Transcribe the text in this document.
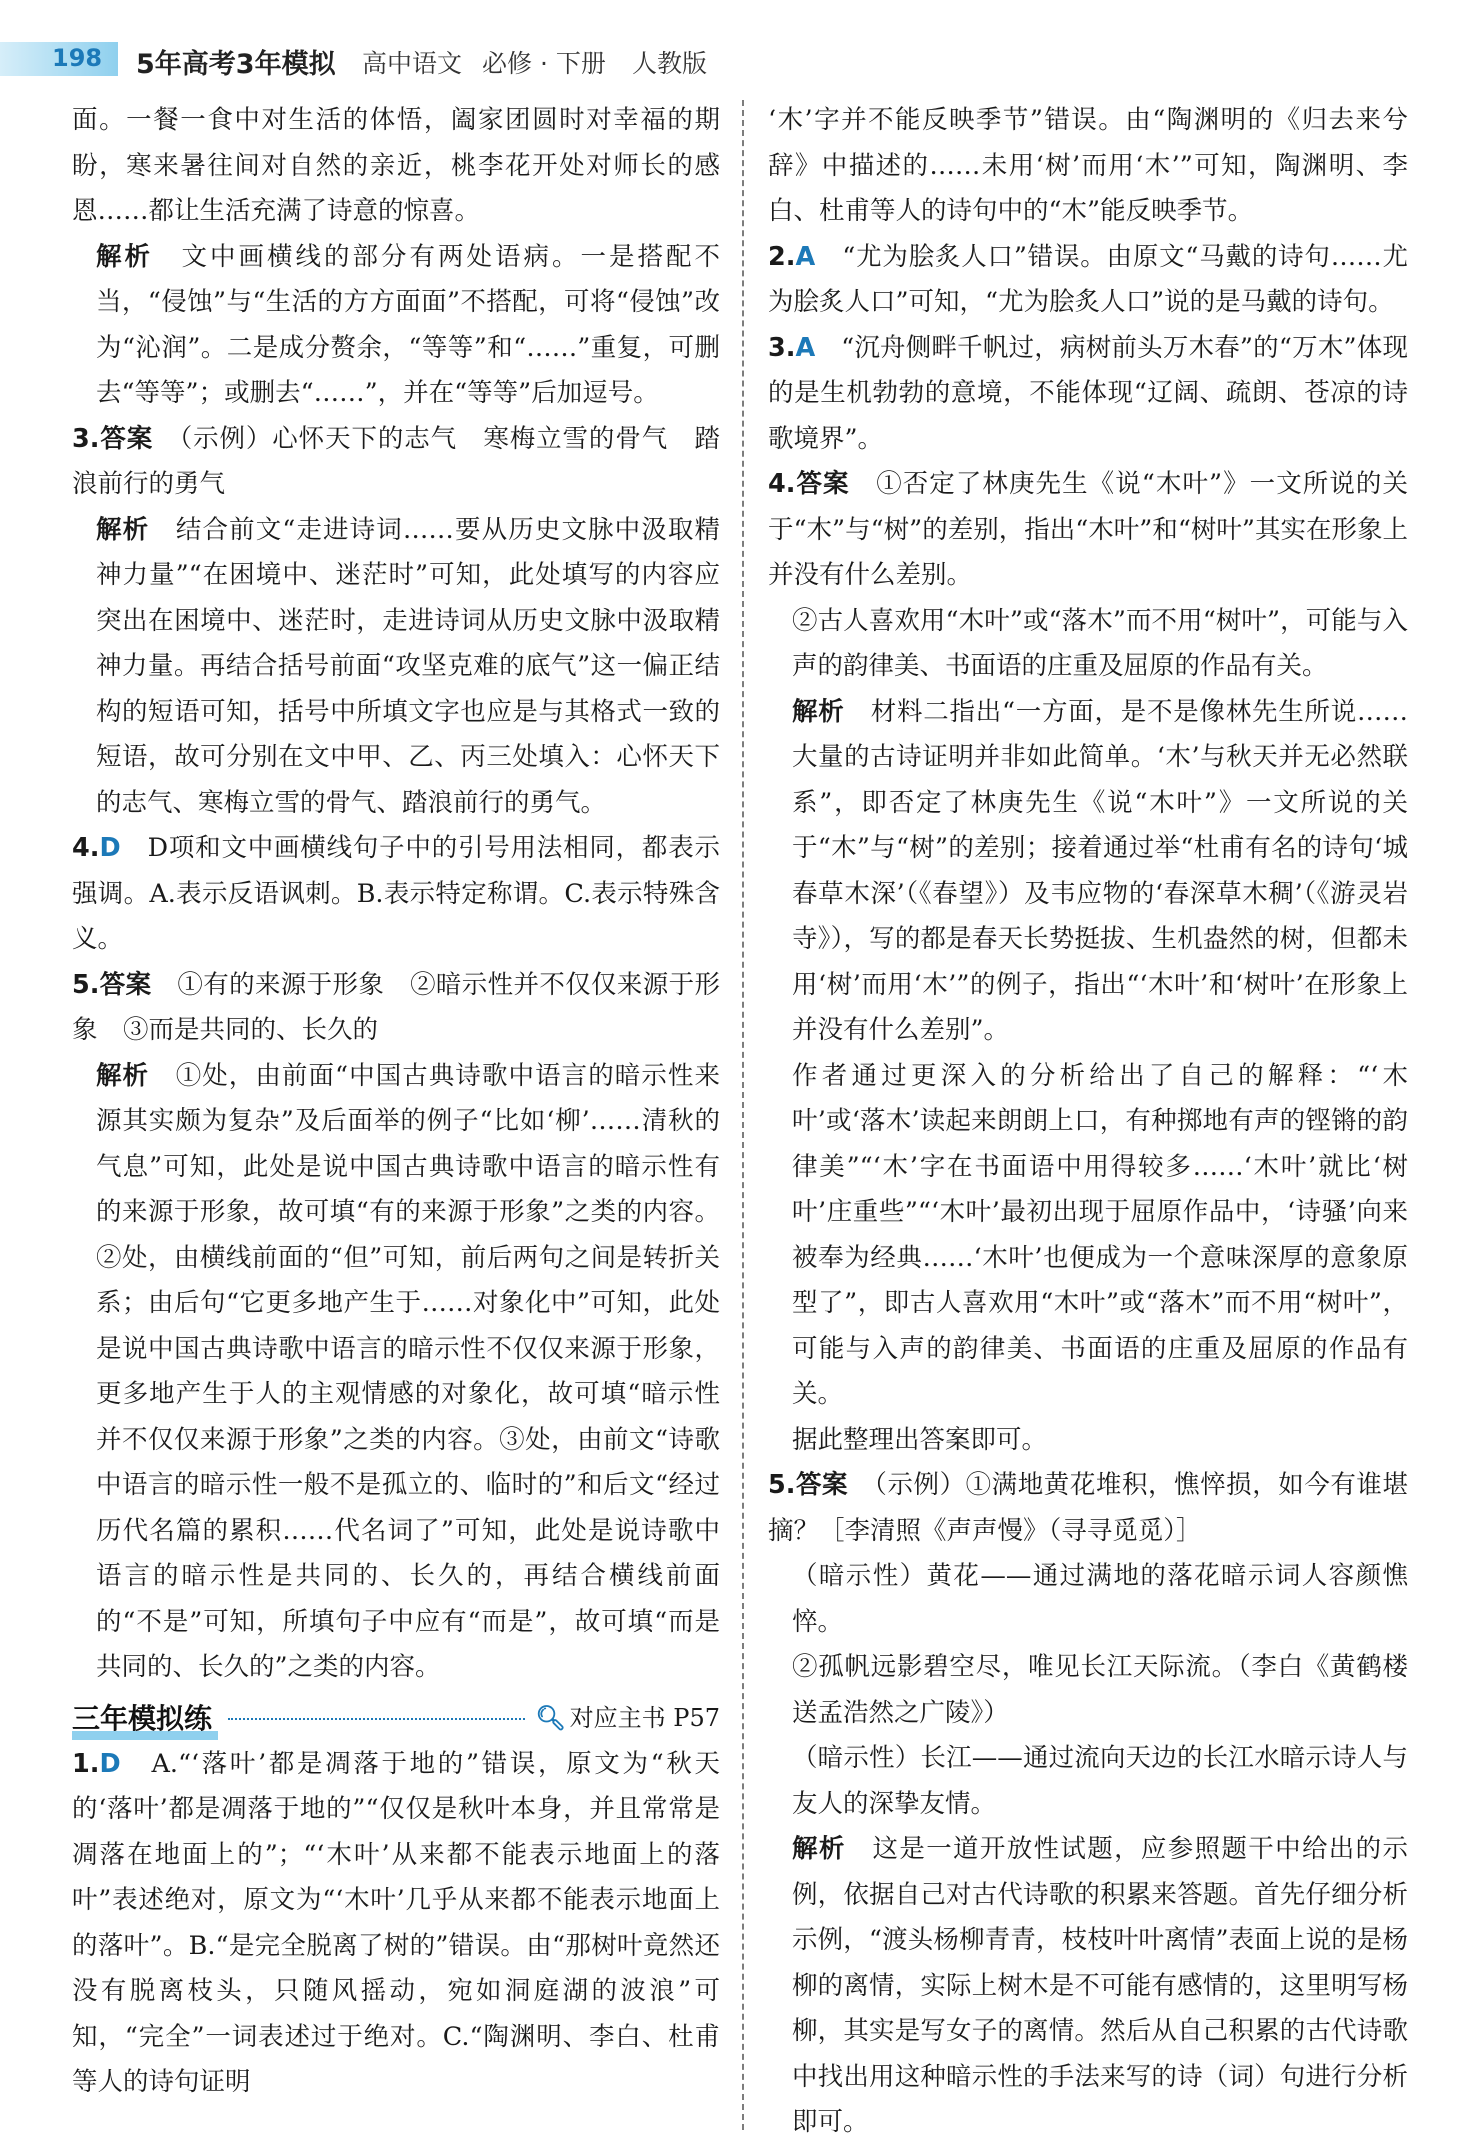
198 5年高考3年模拟 高中语文 必修 · 下册 人教版

面。一餐一食中对生活的体悟，阖家团圆时对幸福的期盼，寒来暑往间对自然的亲近，桃李花开处对师长的感恩……都让生活充满了诗意的惊喜。

解析　 文中画横线的部分有两处语病。一是搭配不当，“侵蚀”与“生活的方方面面”不搭配，可将“侵蚀”改为“沁润”。二是成分赘余，“等等”和“……”重复，可删去“等等”；或删去“……”，并在“等等”后加逗号。

3.答案　 （示例）心怀天下的志气　寒梅立雪的骨气　踏浪前行的勇气

解析　 结合前文“走进诗词……要从历史文脉中汲取精神力量”“在困境中、迷茫时”可知，此处填写的内容应突出在困境中、迷茫时，走进诗词从历史文脉中汲取精神力量。再结合括号前面“攻坚克难的底气”这一偏正结构的短语可知，括号中所填文字也应是与其格式一致的短语，故可分别在文中甲、乙、丙三处填入：心怀天下的志气、寒梅立雪的骨气、踏浪前行的勇气。

4.D　 D项和文中画横线句子中的引号用法相同，都表示强调。A.表示反语讽刺。B.表示特定称谓。C.表示特殊含义。

5.答案　 ①有的来源于形象　②暗示性并不仅仅来源于形象　③而是共同的、长久的

解析　 ①处，由前面“中国古典诗歌中语言的暗示性来源其实颇为复杂”及后面举的例子“比如‘柳’……清秋的气息”可知，此处是说中国古典诗歌中语言的暗示性有的来源于形象，故可填“有的来源于形象”之类的内容。②处，由横线前面的“但”可知，前后两句之间是转折关系；由后句“它更多地产生于……对象化中”可知，此处是说中国古典诗歌中语言的暗示性不仅仅来源于形象，更多地产生于人的主观情感的对象化，故可填“暗示性并不仅仅来源于形象”之类的内容。③处，由前文“诗歌中语言的暗示性一般不是孤立的、临时的”和后文“经过历代名篇的累积……代名词了”可知，此处是说诗歌中语言的暗示性是共同的、长久的，再结合横线前面的“不是”可知，所填句子中应有“而是”，故可填“而是共同的、长久的”之类的内容。

三年模拟练	🔍︎ 对应主书 P57

1.D　 A.“‘落叶’都是凋落于地的”错误，原文为“秋天的‘落叶’都是凋落于地的”“仅仅是秋叶本身，并且常常是凋落在地面上的”；“‘木叶’从来都不能表示地面上的落叶”表述绝对，原文为“‘木叶’几乎从来都不能表示地面上的落叶”。B.“是完全脱离了树的”错误。由“那树叶竟然还没有脱离枝头，只随风摇动，宛如洞庭湖的波浪”可知，“完全”一词表述过于绝对。C.“陶渊明、李白、杜甫等人的诗句证明

‘木’字并不能反映季节”错误。由“陶渊明的《归去来兮辞》中描述的……未用‘树’而用‘木’”可知，陶渊明、李白、杜甫等人的诗句中的“木”能反映季节。

2.A　 “尤为脍炙人口”错误。由原文“马戴的诗句……尤为脍炙人口”可知，“尤为脍炙人口”说的是马戴的诗句。

3.A　 “沉舟侧畔千帆过，病树前头万木春”的“万木”体现的是生机勃勃的意境，不能体现“辽阔、疏朗、苍凉的诗歌境界”。

4.答案　 ①否定了林庚先生《说“木叶”》一文所说的关于“木”与“树”的差别，指出“木叶”和“树叶”其实在形象上并没有什么差别。

②古人喜欢用“木叶”或“落木”而不用“树叶”，可能与入声的韵律美、书面语的庄重及屈原的作品有关。

解析　 材料二指出“一方面，是不是像林先生所说……大量的古诗证明并非如此简单。‘木’与秋天并无必然联系”，即否定了林庚先生《说“木叶”》一文所说的关于“木”与“树”的差别；接着通过举“杜甫有名的诗句‘城春草木深’（《春望》）及韦应物的‘春深草木稠’（《游灵岩寺》），写的都是春天长势挺拔、生机盎然的树，但都未用‘树’而用‘木’”的例子，指出“‘木叶’和‘树叶’在形象上并没有什么差别”。

作者通过更深入的分析给出了自己的解释：“‘木叶’或‘落木’读起来朗朗上口，有种掷地有声的铿锵的韵律美”“‘木’字在书面语中用得较多……‘木叶’就比‘树叶’庄重些”“‘木叶’最初出现于屈原作品中，‘诗骚’向来被奉为经典……‘木叶’也便成为一个意味深厚的意象原型了”，即古人喜欢用“木叶”或“落木”而不用“树叶”，可能与入声的韵律美、书面语的庄重及屈原的作品有关。

据此整理出答案即可。

5.答案　 （示例）①满地黄花堆积，憔悴损，如今有谁堪摘？［李清照《声声慢》（寻寻觅觅）］

（暗示性）黄花——通过满地的落花暗示词人容颜憔悴。

②孤帆远影碧空尽，唯见长江天际流。（李白《黄鹤楼送孟浩然之广陵》）

（暗示性）长江——通过流向天边的长江水暗示诗人与友人的深挚友情。

解析　 这是一道开放性试题，应参照题干中给出的示例，依据自己对古代诗歌的积累来答题。首先仔细分析示例，“渡头杨柳青青，枝枝叶叶离情”表面上说的是杨柳的离情，实际上树木是不可能有感情的，这里明写杨柳，其实是写女子的离情。然后从自己积累的古代诗歌中找出用这种暗示性的手法来写的诗（词）句进行分析即可。
